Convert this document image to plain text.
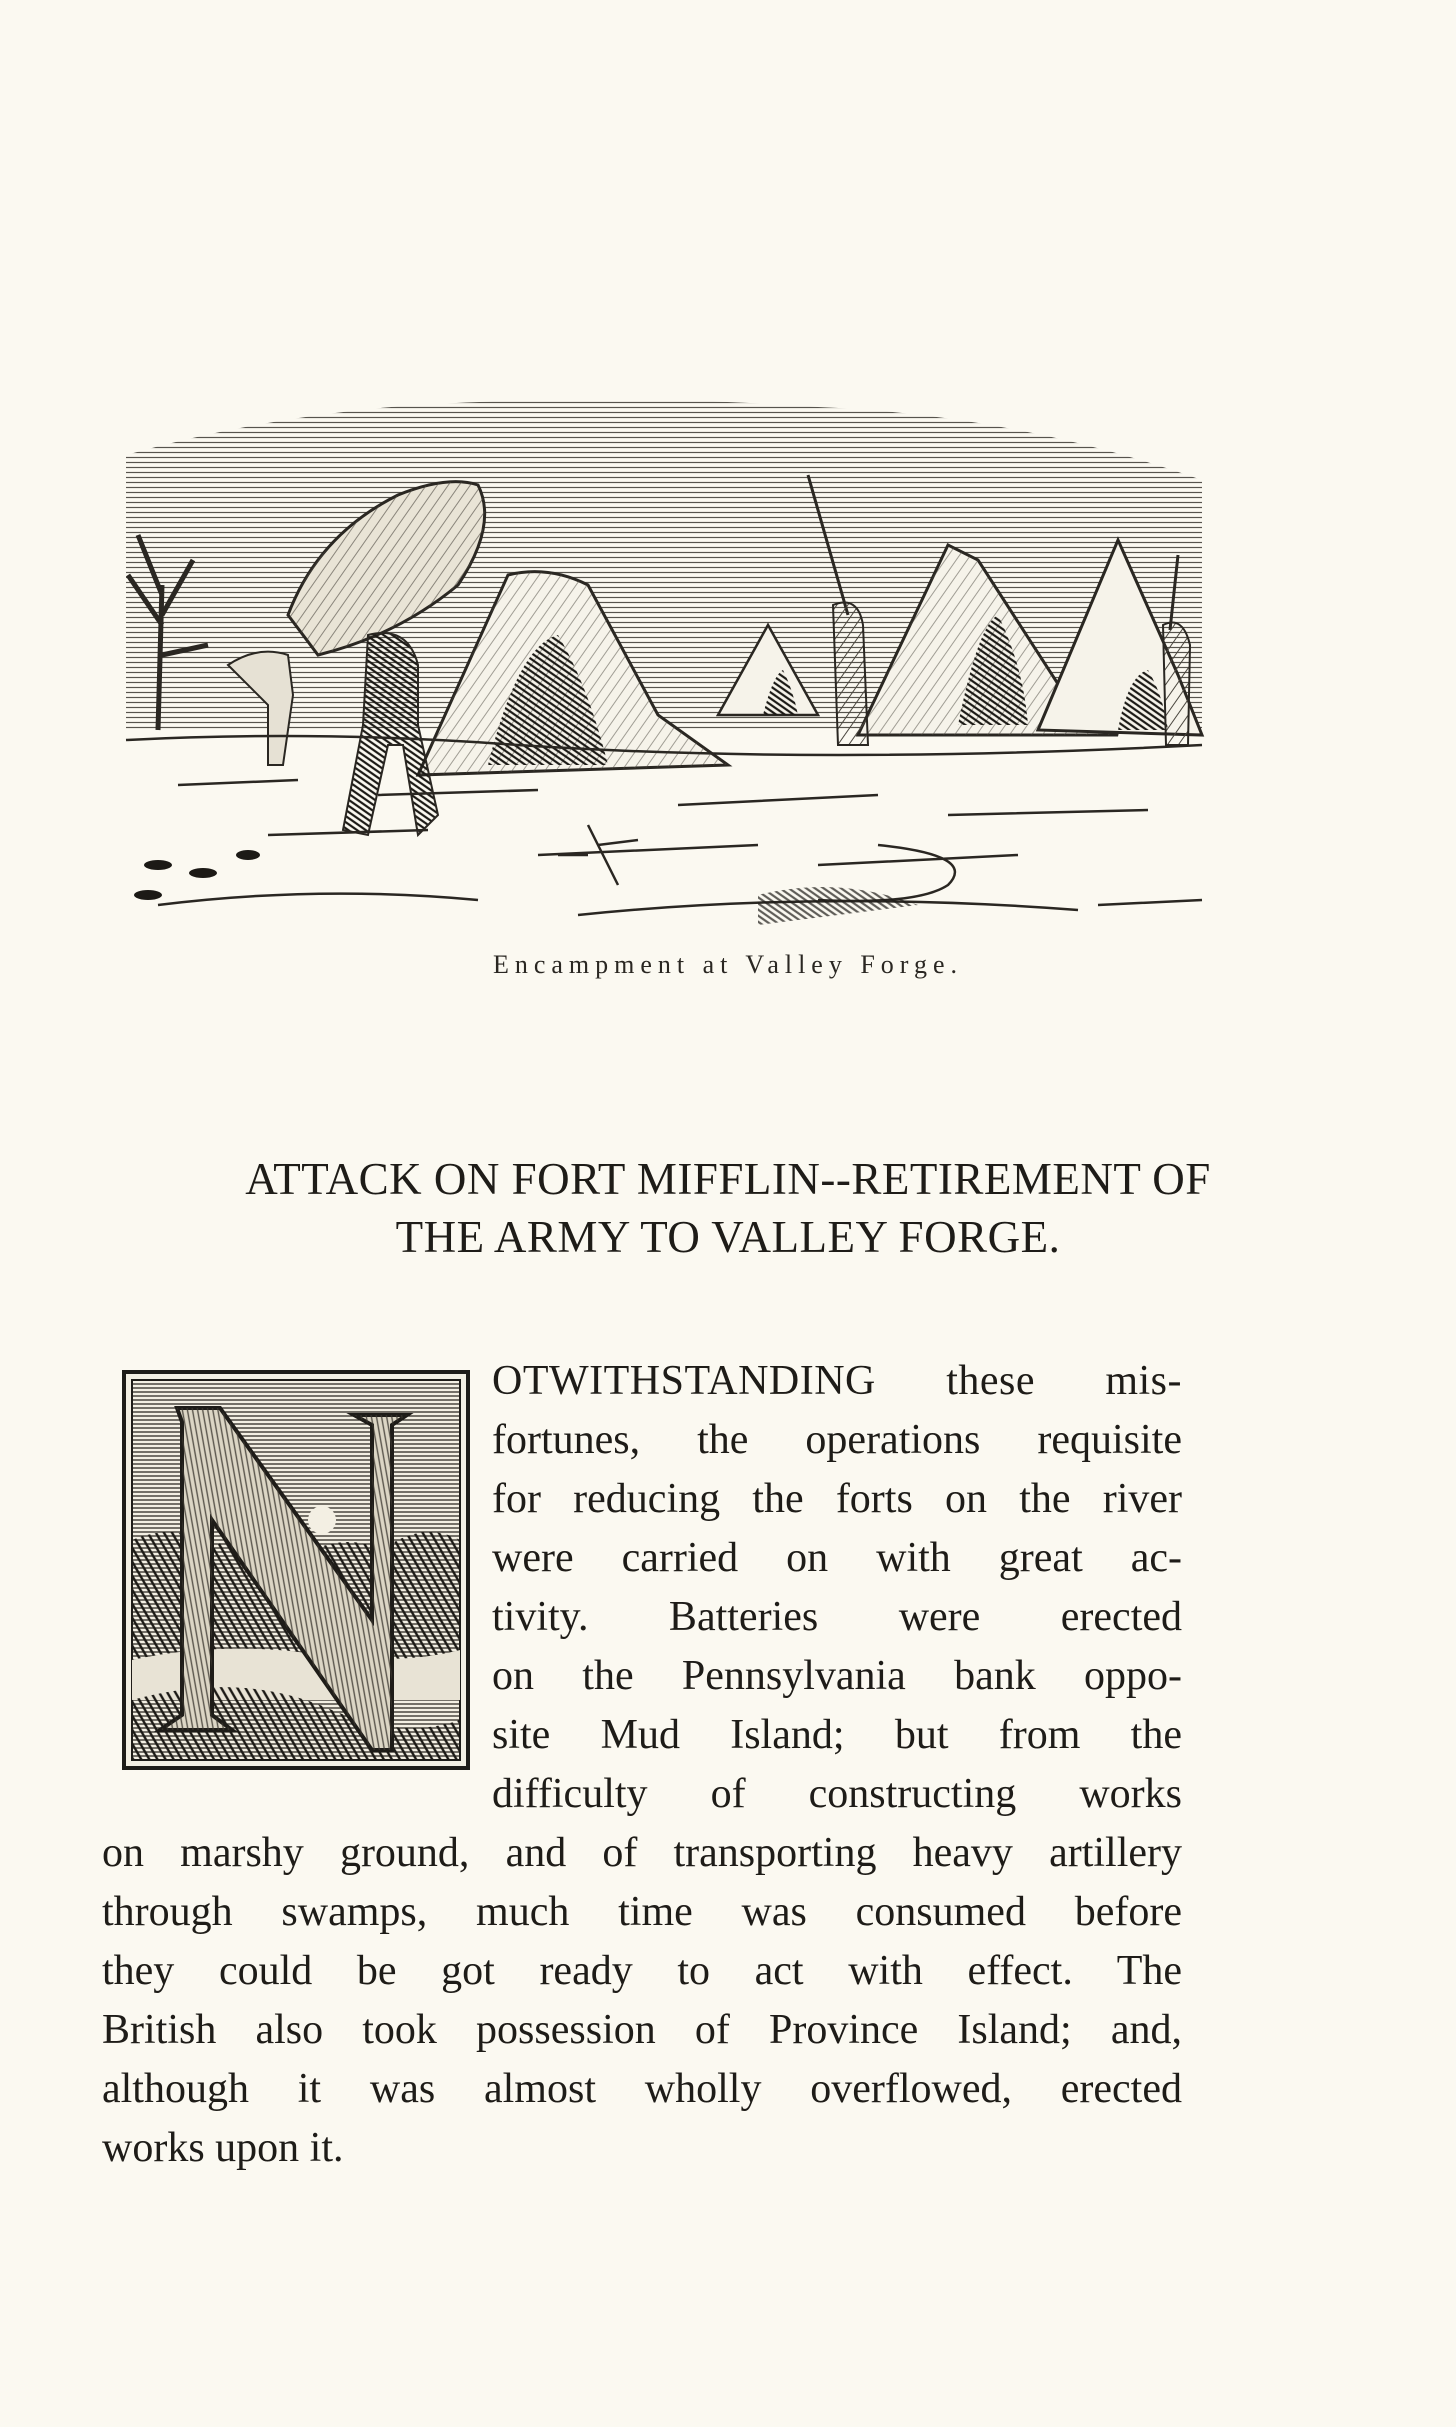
Encampment at Valley Forge.
ATTACK ON FORT MIFFLIN--RETIREMENT OF
THE ARMY TO VALLEY FORGE.
OTWITHSTANDING these mis-
fortunes, the operations requisite
for reducing the forts on the river
were carried on with great ac-
tivity. Batteries were erected
on the Pennsylvania bank oppo-
site Mud Island; but from the
difficulty of constructing works
on marshy ground, and of transporting heavy artillery
through swamps, much time was consumed before
they could be got ready to act with effect. The
British also took possession of Province Island; and,
although it was almost wholly overflowed, erected
works upon it.
